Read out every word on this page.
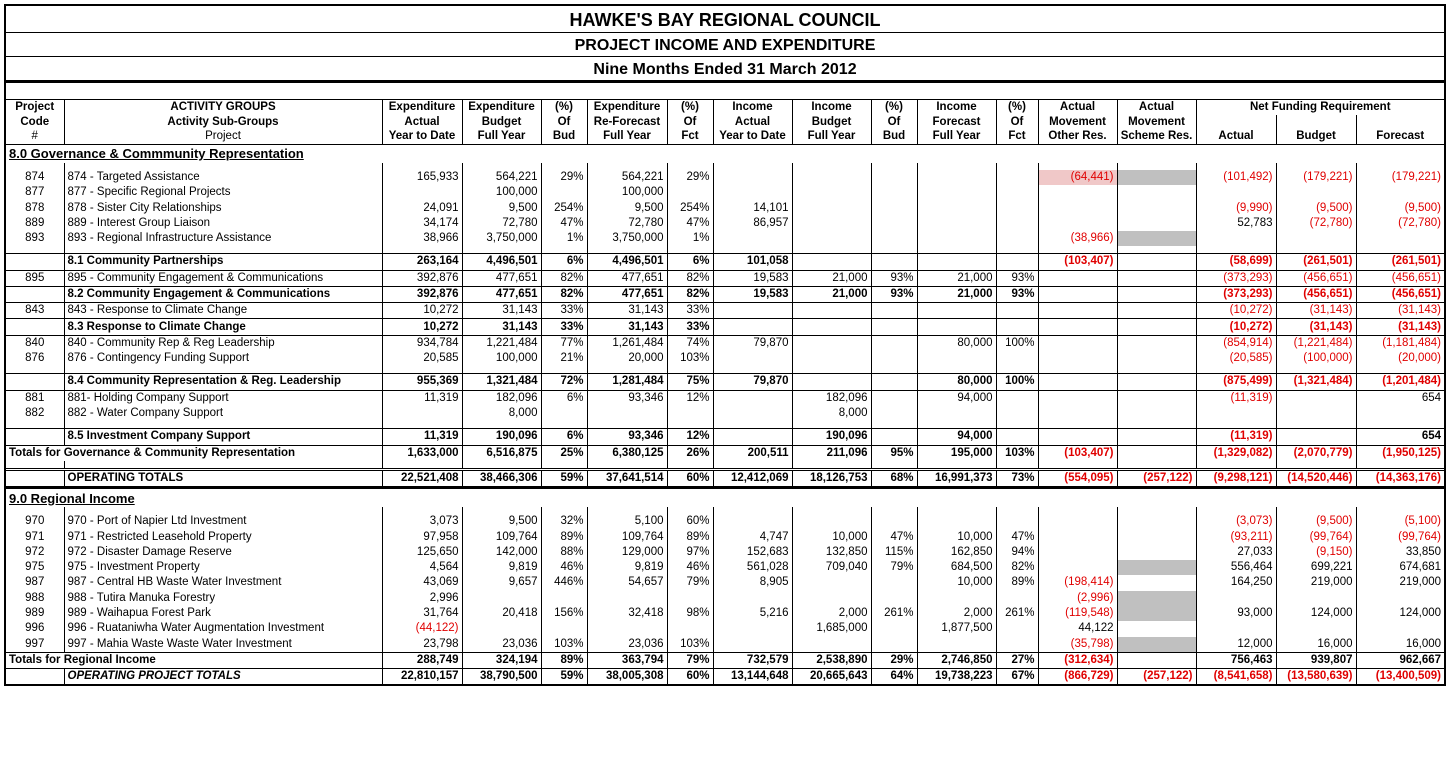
HAWKE'S BAY REGIONAL COUNCIL
PROJECT INCOME AND EXPENDITURE
Nine Months Ended 31 March 2012
Project	ACTIVITY GROUPS	Expenditure	Expenditure	(%)	Expenditure	(%)	Income	Income	(%)	Income	(%)	Actual	Actual	Net Funding Requirement		
Code	Activity Sub-Groups	Actual	Budget	Of	Re-Forecast	Of	Actual	Budget	Of	Forecast	Of	Movement	Movement			
#	Project	Year to Date	Full Year	Bud	Full Year	Fct	Year to Date	Full Year	Bud	Full Year	Fct	Other Res.	Scheme Res.	Actual	Budget	Forecast
8.0 Governance & Commmunity Representation																

874	874 - Targeted Assistance	165,933	564,221	29%	564,221	29%						(64,441)		(101,492)	(179,221)	(179,221)
877	877 - Specific Regional Projects		100,000		100,000											
878	878 - Sister City Relationships	24,091	9,500	254%	9,500	254%	14,101							(9,990)	(9,500)	(9,500)
889	889 - Interest Group Liaison	34,174	72,780	47%	72,780	47%	86,957							52,783	(72,780)	(72,780)
893	893 - Regional Infrastructure Assistance	38,966	3,750,000	1%	3,750,000	1%						(38,966)				

	8.1 Community Partnerships	263,164	4,496,501	6%	4,496,501	6%	101,058					(103,407)		(58,699)	(261,501)	(261,501)
895	895 - Community Engagement & Communications	392,876	477,651	82%	477,651	82%	19,583	21,000	93%	21,000	93%			(373,293)	(456,651)	(456,651)
	8.2 Community Engagement & Communications	392,876	477,651	82%	477,651	82%	19,583	21,000	93%	21,000	93%			(373,293)	(456,651)	(456,651)
843	843 - Response to Climate Change	10,272	31,143	33%	31,143	33%								(10,272)	(31,143)	(31,143)
	8.3 Response to Climate Change	10,272	31,143	33%	31,143	33%								(10,272)	(31,143)	(31,143)
840	840 - Community Rep & Reg Leadership	934,784	1,221,484	77%	1,261,484	74%	79,870			80,000	100%			(854,914)	(1,221,484)	(1,181,484)
876	876 - Contingency Funding Support	20,585	100,000	21%	20,000	103%								(20,585)	(100,000)	(20,000)

	8.4 Community Representation & Reg. Leadership	955,369	1,321,484	72%	1,281,484	75%	79,870			80,000	100%			(875,499)	(1,321,484)	(1,201,484)
881	881- Holding Company Support	11,319	182,096	6%	93,346	12%		182,096		94,000				(11,319)		654
882	882 - Water Company Support		8,000					8,000								

	8.5 Investment Company Support	11,319	190,096	6%	93,346	12%		190,096		94,000				(11,319)		654
Totals for Governance & Community Representation		1,633,000	6,516,875	25%	6,380,125	26%	200,511	211,096	95%	195,000	103%	(103,407)		(1,329,082)	(2,070,779)	(1,950,125)

	OPERATING TOTALS	22,521,408	38,466,306	59%	37,641,514	60%	12,412,069	18,126,753	68%	16,991,373	73%	(554,095)	(257,122)	(9,298,121)	(14,520,446)	(14,363,176)
9.0 Regional Income																

970	970 - Port of Napier Ltd Investment	3,073	9,500	32%	5,100	60%								(3,073)	(9,500)	(5,100)
971	971 - Restricted Leasehold Property	97,958	109,764	89%	109,764	89%	4,747	10,000	47%	10,000	47%			(93,211)	(99,764)	(99,764)
972	972 - Disaster Damage Reserve	125,650	142,000	88%	129,000	97%	152,683	132,850	115%	162,850	94%			27,033	(9,150)	33,850
975	975 - Investment Property	4,564	9,819	46%	9,819	46%	561,028	709,040	79%	684,500	82%			556,464	699,221	674,681
987	987 - Central HB Waste Water Investment	43,069	9,657	446%	54,657	79%	8,905			10,000	89%	(198,414)		164,250	219,000	219,000
988	988 - Tutira Manuka Forestry	2,996										(2,996)				
989	989 - Waihapua Forest Park	31,764	20,418	156%	32,418	98%	5,216	2,000	261%	2,000	261%	(119,548)		93,000	124,000	124,000
996	996 - Ruataniwha Water Augmentation Investment	(44,122)						1,685,000		1,877,500		44,122				
997	997 - Mahia Waste Waste Water Investment	23,798	23,036	103%	23,036	103%						(35,798)		12,000	16,000	16,000
Totals for Regional Income		288,749	324,194	89%	363,794	79%	732,579	2,538,890	29%	2,746,850	27%	(312,634)		756,463	939,807	962,667
	OPERATING PROJECT TOTALS	22,810,157	38,790,500	59%	38,005,308	60%	13,144,648	20,665,643	64%	19,738,223	67%	(866,729)	(257,122)	(8,541,658)	(13,580,639)	(13,400,509)
